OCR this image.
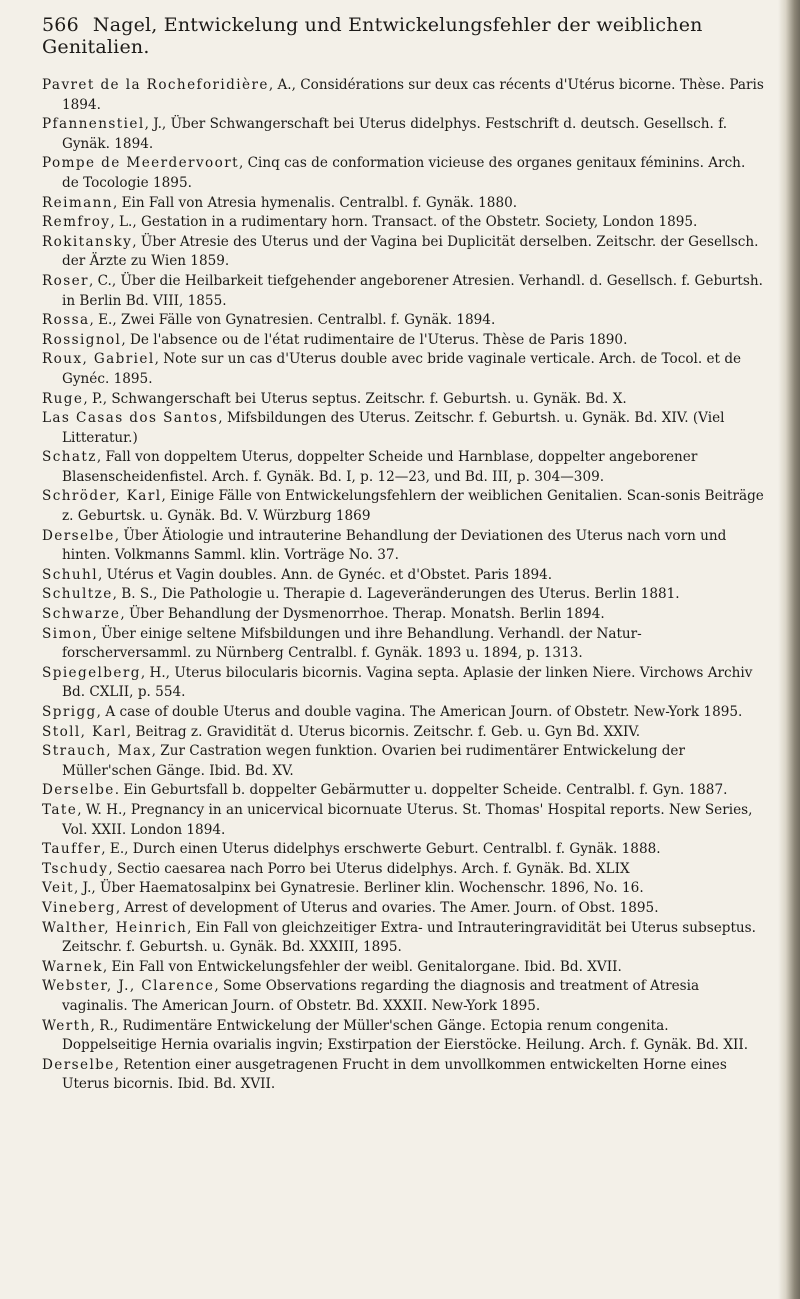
566 Nagel, Entwickelung und Entwickelungsfehler der weiblichen Genitalien.
Pavret de la Rocheforidière, A., Considérations sur deux cas récents d'Utérus bicorne. Thèse. Paris 1894.
Pfannenstiel, J., Über Schwangerschaft bei Uterus didelphys. Festschrift d. deutsch. Gesellsch. f. Gynäk. 1894.
Pompe de Meerdervoort, Cinq cas de conformation vicieuse des organes genitaux féminins. Arch. de Tocologie 1895.
Reimann, Ein Fall von Atresia hymenalis. Centralbl. f. Gynäk. 1880.
Remfroy, L., Gestation in a rudimentary horn. Transact. of the Obstetr. Society, London 1895.
Rokitansky, Über Atresie des Uterus und der Vagina bei Duplicität derselben. Zeitschr. der Gesellsch. der Ärzte zu Wien 1859.
Roser, C., Über die Heilbarkeit tiefgehender angeborener Atresien. Verhandl. d. Gesellsch. f. Geburtsh. in Berlin Bd. VIII, 1855.
Rossa, E., Zwei Fälle von Gynatresien. Centralbl. f. Gynäk. 1894.
Rossignol, De l'absence ou de l'état rudimentaire de l'Uterus. Thèse de Paris 1890.
Roux, Gabriel, Note sur un cas d'Uterus double avec bride vaginale verticale. Arch. de Tocol. et de Gynéc. 1895.
Ruge, P., Schwangerschaft bei Uterus septus. Zeitschr. f. Geburtsh. u. Gynäk. Bd. X.
Las Casas dos Santos, Mifsbildungen des Uterus. Zeitschr. f. Geburtsh. u. Gynäk. Bd. XIV. (Viel Litteratur.)
Schatz, Fall von doppeltem Uterus, doppelter Scheide und Harnblase, doppelter angeborener Blasenscheidenfistel. Arch. f. Gynäk. Bd. I, p. 12—23, und Bd. III, p. 304—309.
Schröder, Karl, Einige Fälle von Entwickelungsfehlern der weiblichen Genitalien. Scan-sonis Beiträge z. Geburtsk. u. Gynäk. Bd. V. Würzburg 1869
Derselbe, Über Ätiologie und intrauterine Behandlung der Deviationen des Uterus nach vorn und hinten. Volkmanns Samml. klin. Vorträge No. 37.
Schuhl, Utérus et Vagin doubles. Ann. de Gynéc. et d'Obstet. Paris 1894.
Schultze, B. S., Die Pathologie u. Therapie d. Lageveränderungen des Uterus. Berlin 1881.
Schwarze, Über Behandlung der Dysmenorrhoe. Therap. Monatsh. Berlin 1894.
Simon, Über einige seltene Mifsbildungen und ihre Behandlung. Verhandl. der Natur-forscherversamml. zu Nürnberg Centralbl. f. Gynäk. 1893 u. 1894, p. 1313.
Spiegelberg, H., Uterus bilocularis bicornis. Vagina septa. Aplasie der linken Niere. Virchows Archiv Bd. CXLII, p. 554.
Sprigg, A case of double Uterus and double vagina. The American Journ. of Obstetr. New-York 1895.
Stoll, Karl, Beitrag z. Gravidität d. Uterus bicornis. Zeitschr. f. Geb. u. Gyn Bd. XXIV.
Strauch, Max, Zur Castration wegen funktion. Ovarien bei rudimentärer Entwickelung der Müller'schen Gänge. Ibid. Bd. XV.
Derselbe. Ein Geburtsfall b. doppelter Gebärmutter u. doppelter Scheide. Centralbl. f. Gyn. 1887.
Tate, W. H., Pregnancy in an unicervical bicornuate Uterus. St. Thomas' Hospital reports. New Series, Vol. XXII. London 1894.
Tauffer, E., Durch einen Uterus didelphys erschwerte Geburt. Centralbl. f. Gynäk. 1888.
Tschudy, Sectio caesarea nach Porro bei Uterus didelphys. Arch. f. Gynäk. Bd. XLIX
Veit, J., Über Haematosalpinx bei Gynatresie. Berliner klin. Wochenschr. 1896, No. 16.
Vineberg, Arrest of development of Uterus and ovaries. The Amer. Journ. of Obst. 1895.
Walther, Heinrich, Ein Fall von gleichzeitiger Extra- und Intrauteringravidität bei Uterus subseptus. Zeitschr. f. Geburtsh. u. Gynäk. Bd. XXXIII, 1895.
Warnek, Ein Fall von Entwickelungsfehler der weibl. Genitalorgane. Ibid. Bd. XVII.
Webster, J., Clarence, Some Observations regarding the diagnosis and treatment of Atresia vaginalis. The American Journ. of Obstetr. Bd. XXXII. New-York 1895.
Werth, R., Rudimentäre Entwickelung der Müller'schen Gänge. Ectopia renum congenita. Doppelseitige Hernia ovarialis ingvin; Exstirpation der Eierstöcke. Heilung. Arch. f. Gynäk. Bd. XII.
Derselbe, Retention einer ausgetragenen Frucht in dem unvollkommen entwickelten Horne eines Uterus bicornis. Ibid. Bd. XVII.
